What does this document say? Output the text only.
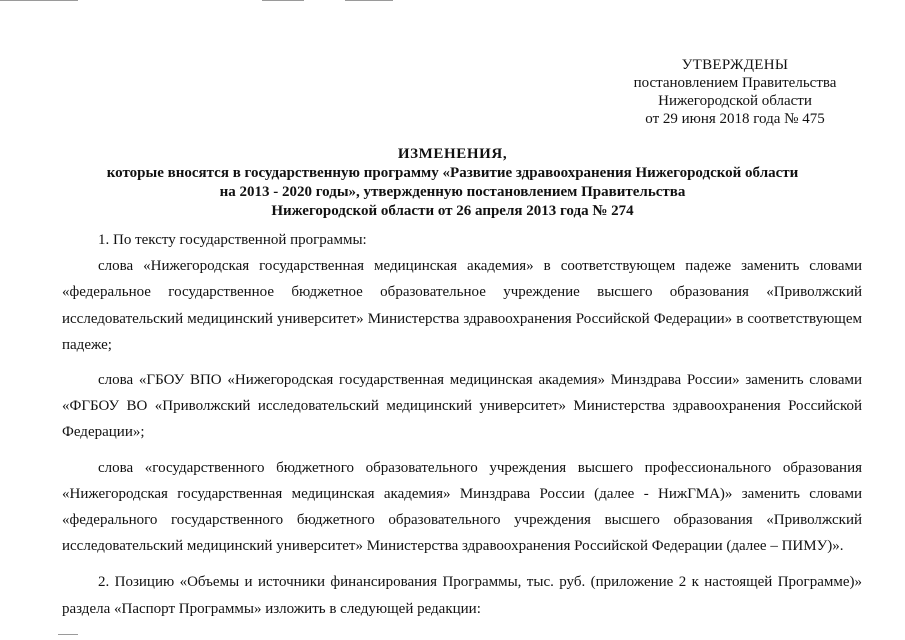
УТВЕРЖДЕНЫ
постановлением Правительства
Нижегородской области
от 29 июня 2018 года № 475
ИЗМЕНЕНИЯ,
которые вносятся в государственную программу «Развитие здравоохранения Нижегородской области
на 2013 - 2020 годы», утвержденную постановлением Правительства
Нижегородской области от 26 апреля 2013 года № 274

1. По тексту государственной программы:

слова «Нижегородская государственная медицинская академия» в соответствующем падеже заменить словами «федеральное государственное бюджетное образовательное учреждение высшего образования «Приволжский исследовательский медицинский университет» Министерства здравоохранения Российской Федерации» в соответствующем падеже;

слова «ГБОУ ВПО «Нижегородская государственная медицинская академия» Минздрава России» заменить словами «ФГБОУ ВО «Приволжский исследовательский медицинский университет» Министерства здравоохранения Российской Федерации»;

слова «государственного бюджетного образовательного учреждения высшего профессионального образования «Нижегородская государственная медицинская академия» Минздрава России (далее - НижГМА)» заменить словами «федерального государственного бюджетного образовательного учреждения высшего образования «Приволжский исследовательский медицинский университет» Министерства здравоохранения Российской Федерации (далее – ПИМУ)».

2. Позицию «Объемы и источники финансирования Программы, тыс. руб. (приложение 2 к настоящей Программе)» раздела «Паспорт Программы» изложить в следующей редакции:
